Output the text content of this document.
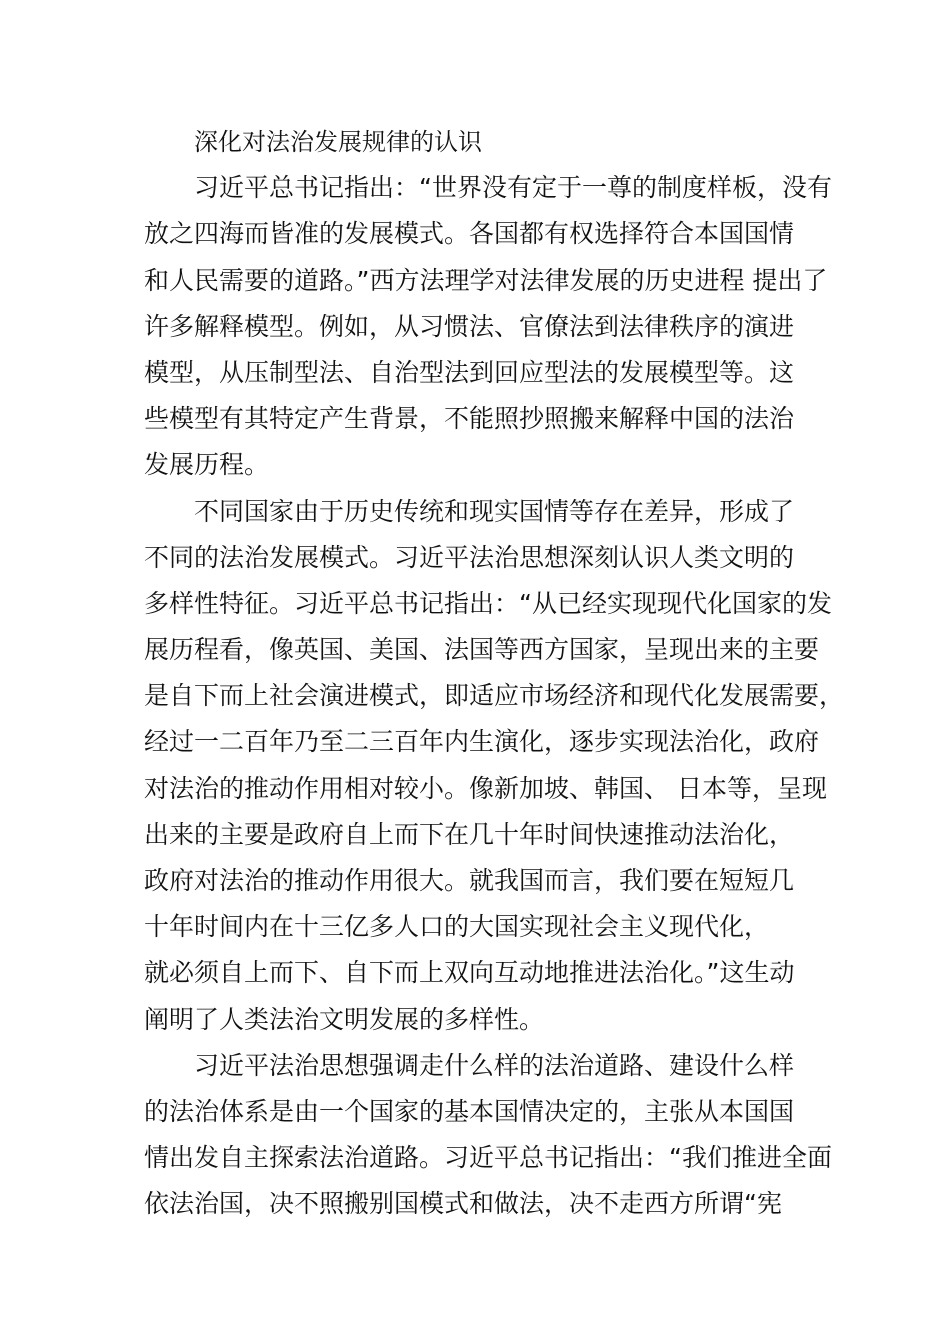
深化对法治发展规律的认识
习近平总书记指出：“世界没有定于一尊的制度样板，没有
放之四海而皆准的发展模式。各国都有权选择符合本国国情
和人民需要的道路。”西方法理学对法律发展的历史进程 提出了
许多解释模型。例如，从习惯法、官僚法到法律秩序的演进
模型，从压制型法、自治型法到回应型法的发展模型等。这
些模型有其特定产生背景，不能照抄照搬来解释中国的法治
发展历程。
不同国家由于历史传统和现实国情等存在差异，形成了
不同的法治发展模式。习近平法治思想深刻认识人类文明的
多样性特征。习近平总书记指出：“从已经实现现代化国家的发
展历程看，像英国、美国、法国等西方国家，呈现出来的主要
是自下而上社会演进模式，即适应市场经济和现代化发展需要，
经过一二百年乃至二三百年内生演化，逐步实现法治化，政府
对法治的推动作用相对较小。像新加坡、韩国、 日本等，呈现
出来的主要是政府自上而下在几十年时间快速推动法治化，
政府对法治的推动作用很大。就我国而言，我们要在短短几
十年时间内在十三亿多人口的大国实现社会主义现代化，
就必须自上而下、自下而上双向互动地推进法治化。”这生动
阐明了人类法治文明发展的多样性。
习近平法治思想强调走什么样的法治道路、建设什么样
的法治体系是由一个国家的基本国情决定的，主张从本国国
情出发自主探索法治道路。习近平总书记指出：“我们推进全面
依法治国，决不照搬别国模式和做法，决不走西方所谓“宪
